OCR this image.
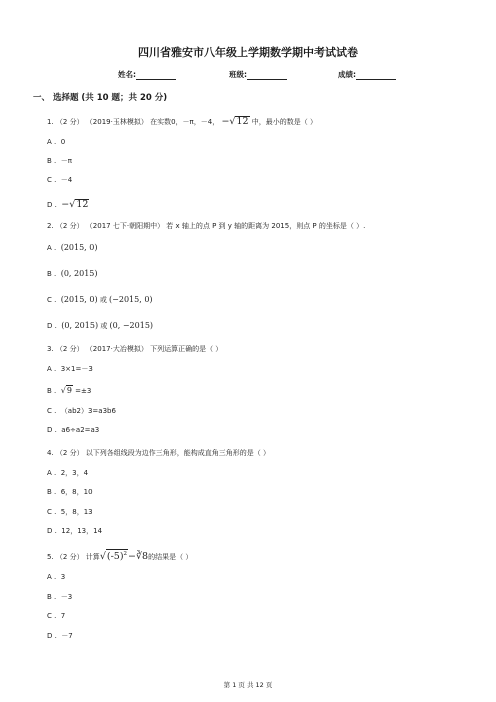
四川省雅安市八年级上学期数学期中考试试卷
姓名:	班级:	成绩:
一、 选择题 (共 10 题；共 20 分)
1. （2 分） （2019·玉林模拟） 在实数0，－π，－4， −√12 中，最小的数是（ ）
A . 0
B . －π
C . －4
D . −√12
2. （2 分） （2017 七下·朝阳期中） 若 x 轴上的点 P 到 y 轴的距离为 2015，则点 P 的坐标是（ ）.
A . (2015, 0)
B . (0, 2015)
C . (2015, 0) 或 (−2015, 0)
D . (0, 2015) 或 (0, −2015)
3. （2 分） （2017·大冶模拟） 下列运算正确的是（ ）
A . 3×1=－3
B . √9 =±3
C . （ab2）3=a3b6
D . a6÷a2=a3
4. （2 分） 以下列各组线段为边作三角形，能构成直角三角形的是（ ）
A . 2，3，4
B . 6，8，10
C . 5，8，13
D . 12，13，14
5. （2 分） 计算$√(-5)^2-∛8$的结果是（ ）
A . 3
B . －3
C . 7
D . －7
第 1 页 共 12 页
